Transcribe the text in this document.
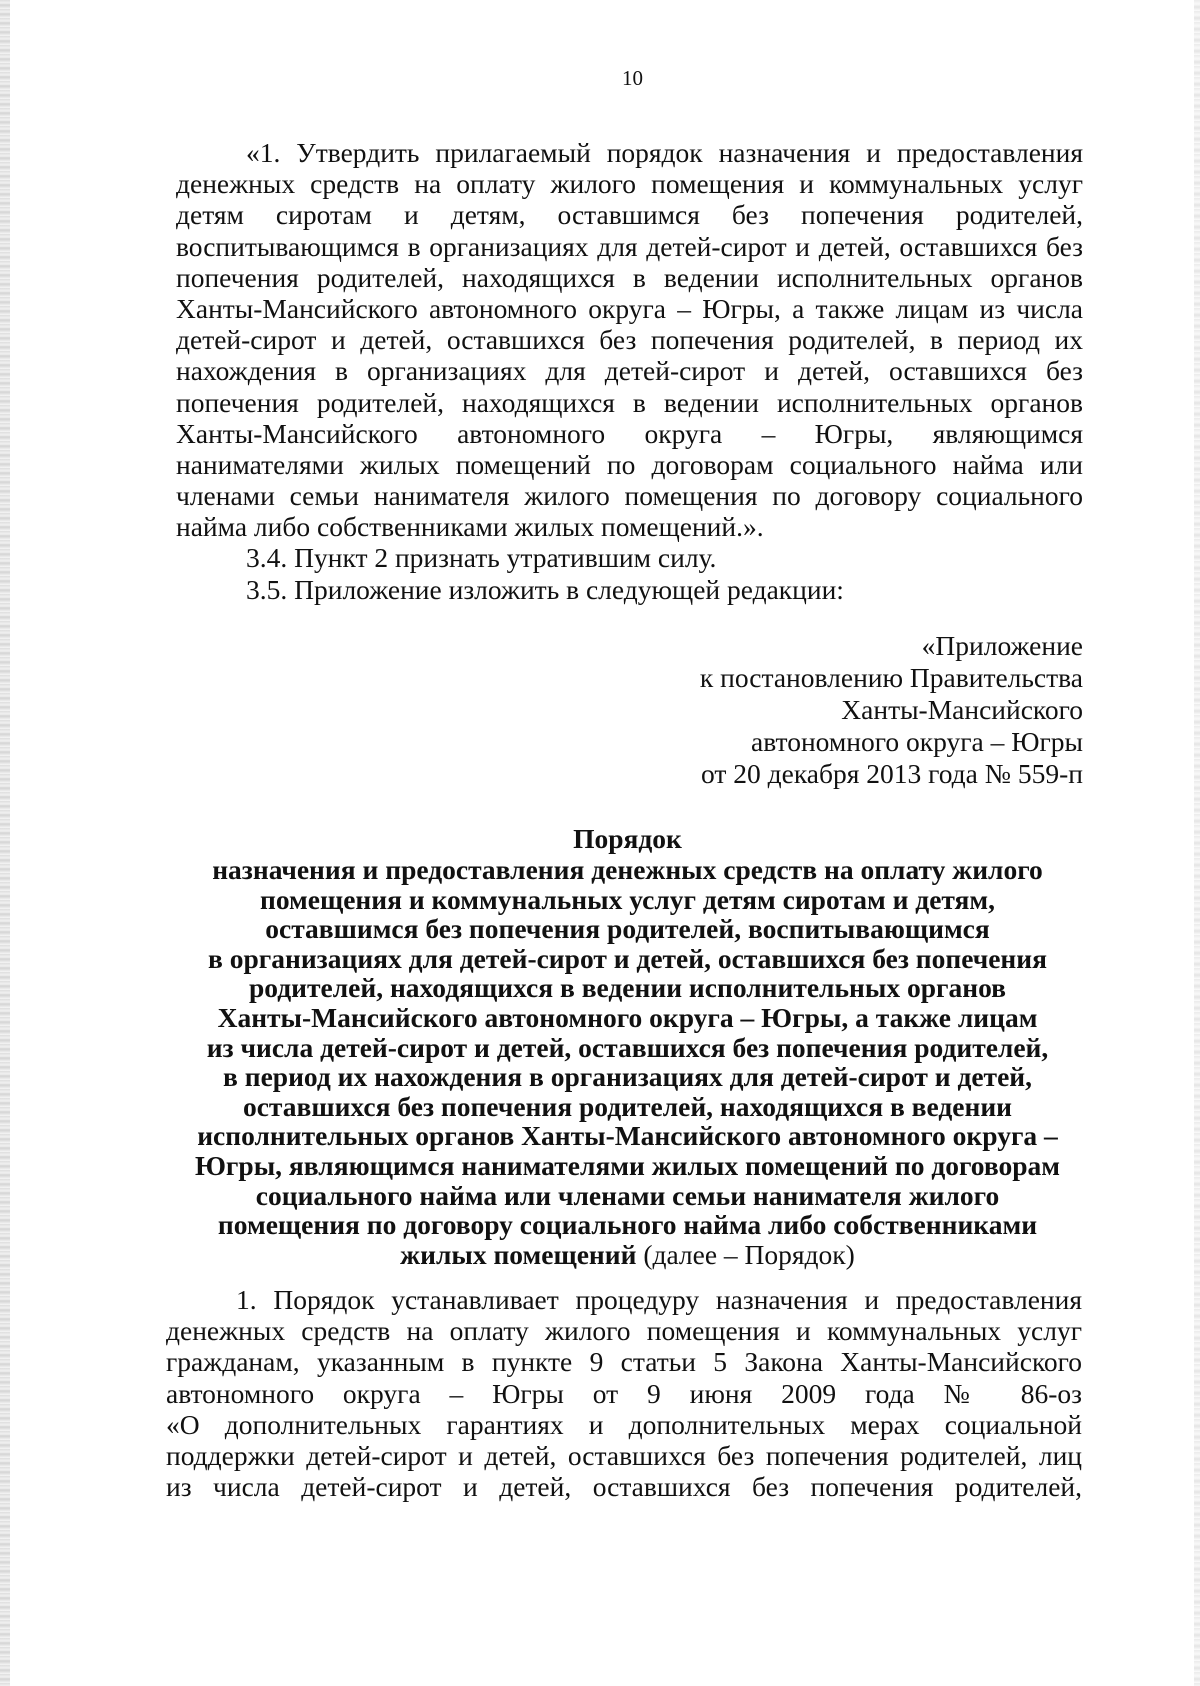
10
«1. Утвердить прилагаемый порядок назначения и предоставления
денежных средств на оплату жилого помещения и коммунальных услуг
детям сиротам и детям, оставшимся без попечения родителей,
воспитывающимся в организациях для детей-сирот и детей, оставшихся без
попечения родителей, находящихся в ведении исполнительных органов
Ханты-Мансийского автономного округа – Югры, а также лицам из числа
детей-сирот и детей, оставшихся без попечения родителей, в период их
нахождения в организациях для детей-сирот и детей, оставшихся без
попечения родителей, находящихся в ведении исполнительных органов
Ханты-Мансийского автономного округа – Югры, являющимся
нанимателями жилых помещений по договорам социального найма или
членами семьи нанимателя жилого помещения по договору социального
найма либо собственниками жилых помещений.».
3.4. Пункт 2 признать утратившим силу.
3.5. Приложение изложить в следующей редакции:
«Приложение
к постановлению Правительства
Ханты-Мансийского
автономного округа – Югры
от 20 декабря 2013 года № 559-п
Порядок
назначения и предоставления денежных средств на оплату жилого
помещения и коммунальных услуг детям сиротам и детям,
оставшимся без попечения родителей, воспитывающимся
в организациях для детей-сирот и детей, оставшихся без попечения
родителей, находящихся в ведении исполнительных органов
Ханты-Мансийского автономного округа – Югры, а также лицам
из числа детей-сирот и детей, оставшихся без попечения родителей,
в период их нахождения в организациях для детей-сирот и детей,
оставшихся без попечения родителей, находящихся в ведении
исполнительных органов Ханты-Мансийского автономного округа –
Югры, являющимся нанимателями жилых помещений по договорам
социального найма или членами семьи нанимателя жилого
помещения по договору социального найма либо собственниками
жилых помещений (далее – Порядок)
1. Порядок устанавливает процедуру назначения и предоставления
денежных средств на оплату жилого помещения и коммунальных услуг
гражданам, указанным в пункте 9 статьи 5 Закона Ханты-Мансийского
автономного округа – Югры от 9 июня 2009 года № 86-оз
«О дополнительных гарантиях и дополнительных мерах социальной
поддержки детей-сирот и детей, оставшихся без попечения родителей, лиц
из числа детей-сирот и детей, оставшихся без попечения родителей,
